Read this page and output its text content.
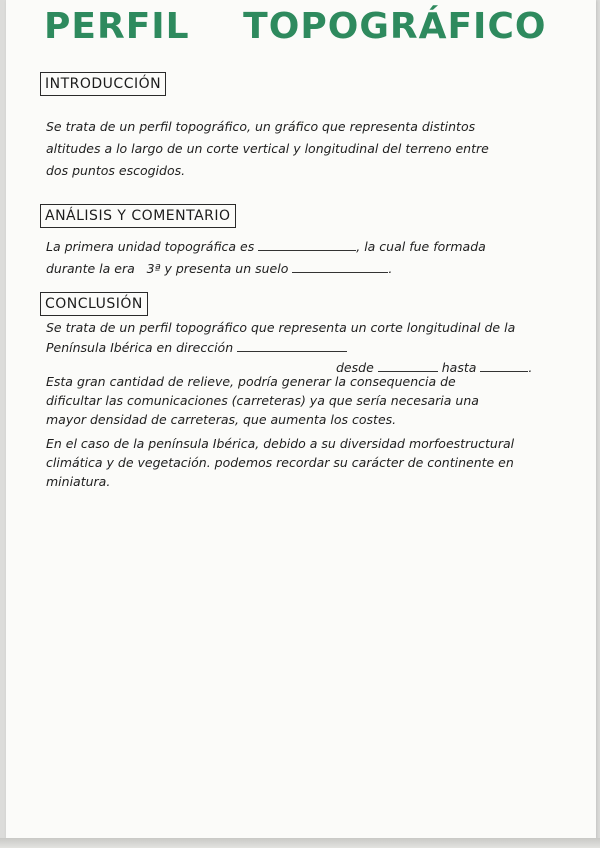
PERFIL TOPOGRÁFICO
INTRODUCCIÓN
Se trata de un perfil topográfico, un gráfico que representa distintos
altitudes a lo largo de un corte vertical y longitudinal del terreno entre
dos puntos escogidos.
ANÁLISIS Y COMENTARIO
La primera unidad topográfica es	, la cual fue formada
durante la era 3ª y presenta un suelo	.
CONCLUSIÓN
Se trata de un perfil topográfico que representa un corte longitudinal de la
Península Ibérica en dirección
desde	hasta	.
Esta gran cantidad de relieve, podría generar la consequencia de
dificultar las comunicaciones (carreteras) ya que sería necesaria una
mayor densidad de carreteras, que aumenta los costes.
En el caso de la península Ibérica, debido a su diversidad morfoestructural
climática y de vegetación. podemos recordar su carácter de continente en
miniatura.
